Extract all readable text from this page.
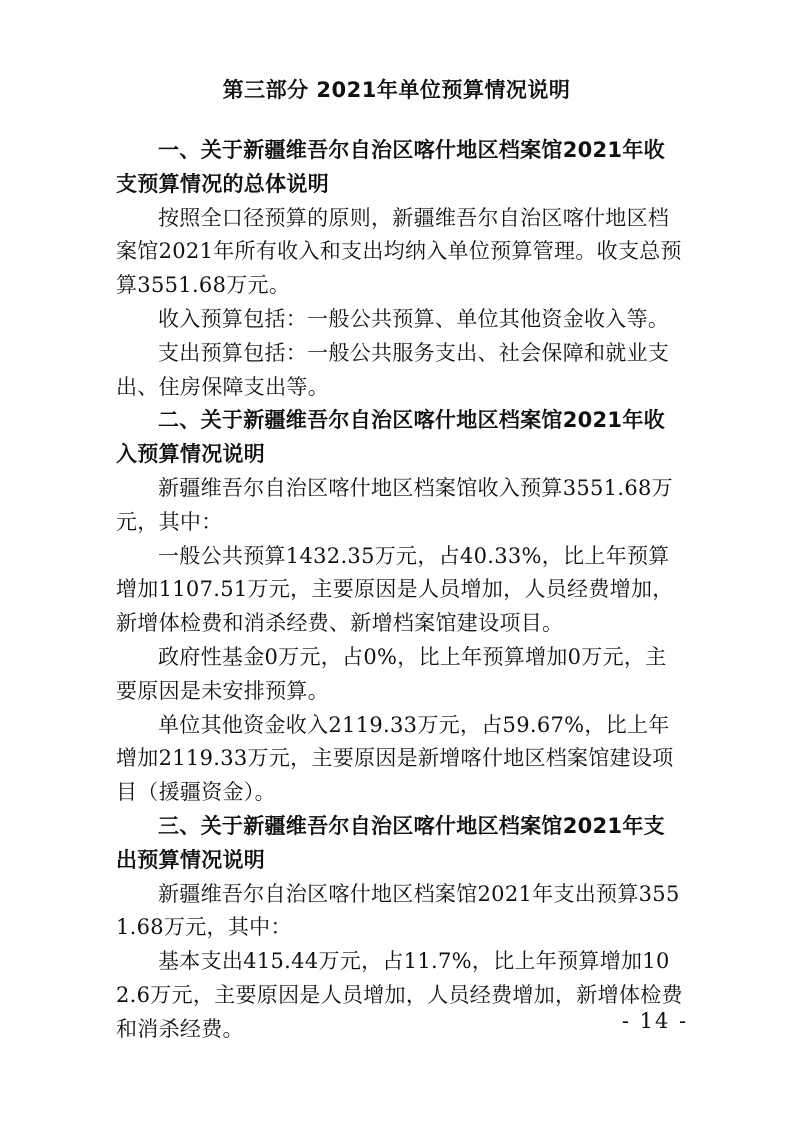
第三部分 2021年单位预算情况说明

一、关于新疆维吾尔自治区喀什地区档案馆2021年收支预算情况的总体说明

按照全口径预算的原则，新疆维吾尔自治区喀什地区档案馆2021年所有收入和支出均纳入单位预算管理。收支总预算3551.68万元。

收入预算包括：一般公共预算、单位其他资金收入等。

支出预算包括：一般公共服务支出、社会保障和就业支出、住房保障支出等。

二、关于新疆维吾尔自治区喀什地区档案馆2021年收入预算情况说明

新疆维吾尔自治区喀什地区档案馆收入预算3551.68万元，其中：

一般公共预算1432.35万元，占40.33%，比上年预算增加1107.51万元，主要原因是人员增加，人员经费增加，新增体检费和消杀经费、新增档案馆建设项目。

政府性基金0万元，占0%，比上年预算增加0万元，主要原因是未安排预算。

单位其他资金收入2119.33万元，占59.67%，比上年增加2119.33万元，主要原因是新增喀什地区档案馆建设项目（援疆资金）。

三、关于新疆维吾尔自治区喀什地区档案馆2021年支出预算情况说明

新疆维吾尔自治区喀什地区档案馆2021年支出预算3551.68万元，其中：

基本支出415.44万元，占11.7%，比上年预算增加102.6万元，主要原因是人员增加，人员经费增加，新增体检费和消杀经费。	- 14 -
